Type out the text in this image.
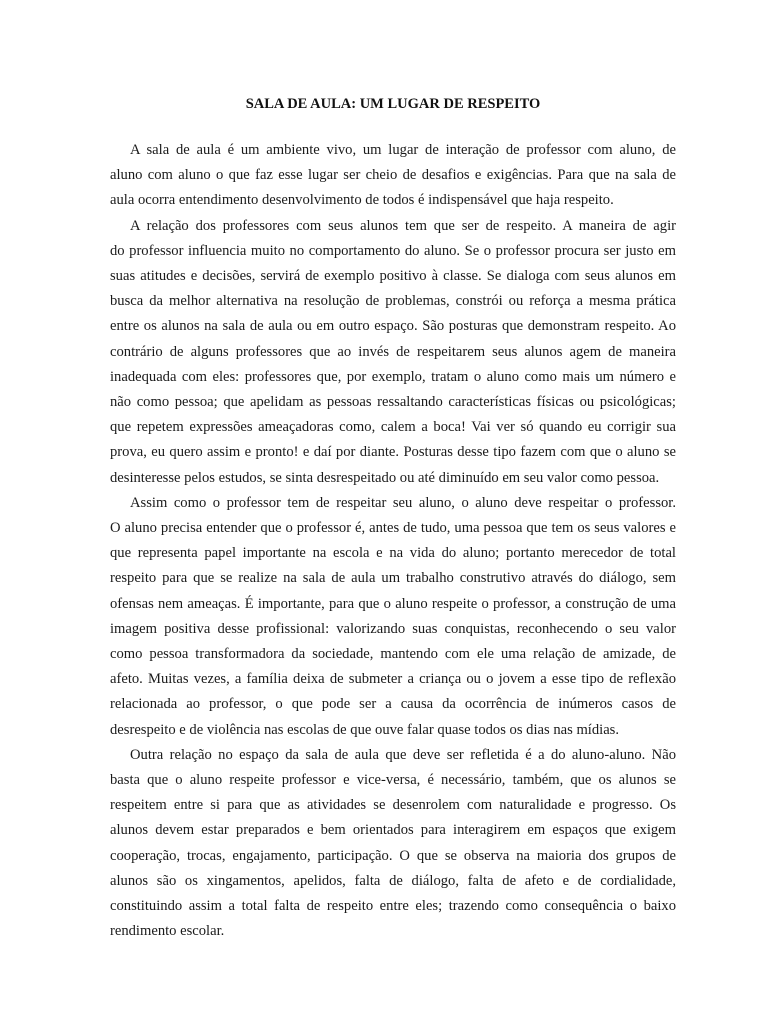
SALA DE AULA: UM LUGAR DE RESPEITO
A sala de aula é um ambiente vivo, um lugar de interação de professor com aluno, de
aluno com aluno o que faz esse lugar ser cheio de desafios e exigências. Para que na sala de
aula ocorra entendimento desenvolvimento de todos é indispensável que haja respeito.
A relação dos professores com seus alunos tem que ser de respeito. A maneira de agir
do professor influencia muito no comportamento do aluno. Se o professor procura ser justo em
suas atitudes e decisões, servirá de exemplo positivo à classe. Se dialoga com seus alunos em
busca da melhor alternativa na resolução de problemas, constrói ou reforça a mesma prática
entre os alunos na sala de aula ou em outro espaço. São posturas que demonstram respeito. Ao
contrário de alguns professores que ao invés de respeitarem seus alunos agem de maneira
inadequada com eles: professores que, por exemplo, tratam o aluno como mais um número e
não como pessoa; que apelidam as pessoas ressaltando características físicas ou psicológicas;
que repetem expressões ameaçadoras como, calem a boca! Vai ver só quando eu corrigir sua
prova, eu quero assim e pronto! e daí por diante. Posturas desse tipo fazem com que o aluno se
desinteresse pelos estudos, se sinta desrespeitado ou até diminuído em seu valor como pessoa.
Assim como o professor tem de respeitar seu aluno, o aluno deve respeitar o professor.
O aluno precisa entender que o professor é, antes de tudo, uma pessoa que tem os seus valores e
que representa papel importante na escola e na vida do aluno; portanto merecedor de total
respeito para que se realize na sala de aula um trabalho construtivo através do diálogo, sem
ofensas nem ameaças. É importante, para que o aluno respeite o professor, a construção de uma
imagem positiva desse profissional: valorizando suas conquistas, reconhecendo o seu valor
como pessoa transformadora da sociedade, mantendo com ele uma relação de amizade, de
afeto. Muitas vezes, a família deixa de submeter a criança ou o jovem a esse tipo de reflexão
relacionada ao professor, o que pode ser a causa da ocorrência de inúmeros casos de
desrespeito e de violência nas escolas de que ouve falar quase todos os dias nas mídias.
Outra relação no espaço da sala de aula que deve ser refletida é a do aluno-aluno. Não
basta que o aluno respeite professor e vice-versa, é necessário, também, que os alunos se
respeitem entre si para que as atividades se desenrolem com naturalidade e progresso. Os
alunos devem estar preparados e bem orientados para interagirem em espaços que exigem
cooperação, trocas, engajamento, participação. O que se observa na maioria dos grupos de
alunos são os xingamentos, apelidos, falta de diálogo, falta de afeto e de cordialidade,
constituindo assim a total falta de respeito entre eles; trazendo como consequência o baixo
rendimento escolar.
